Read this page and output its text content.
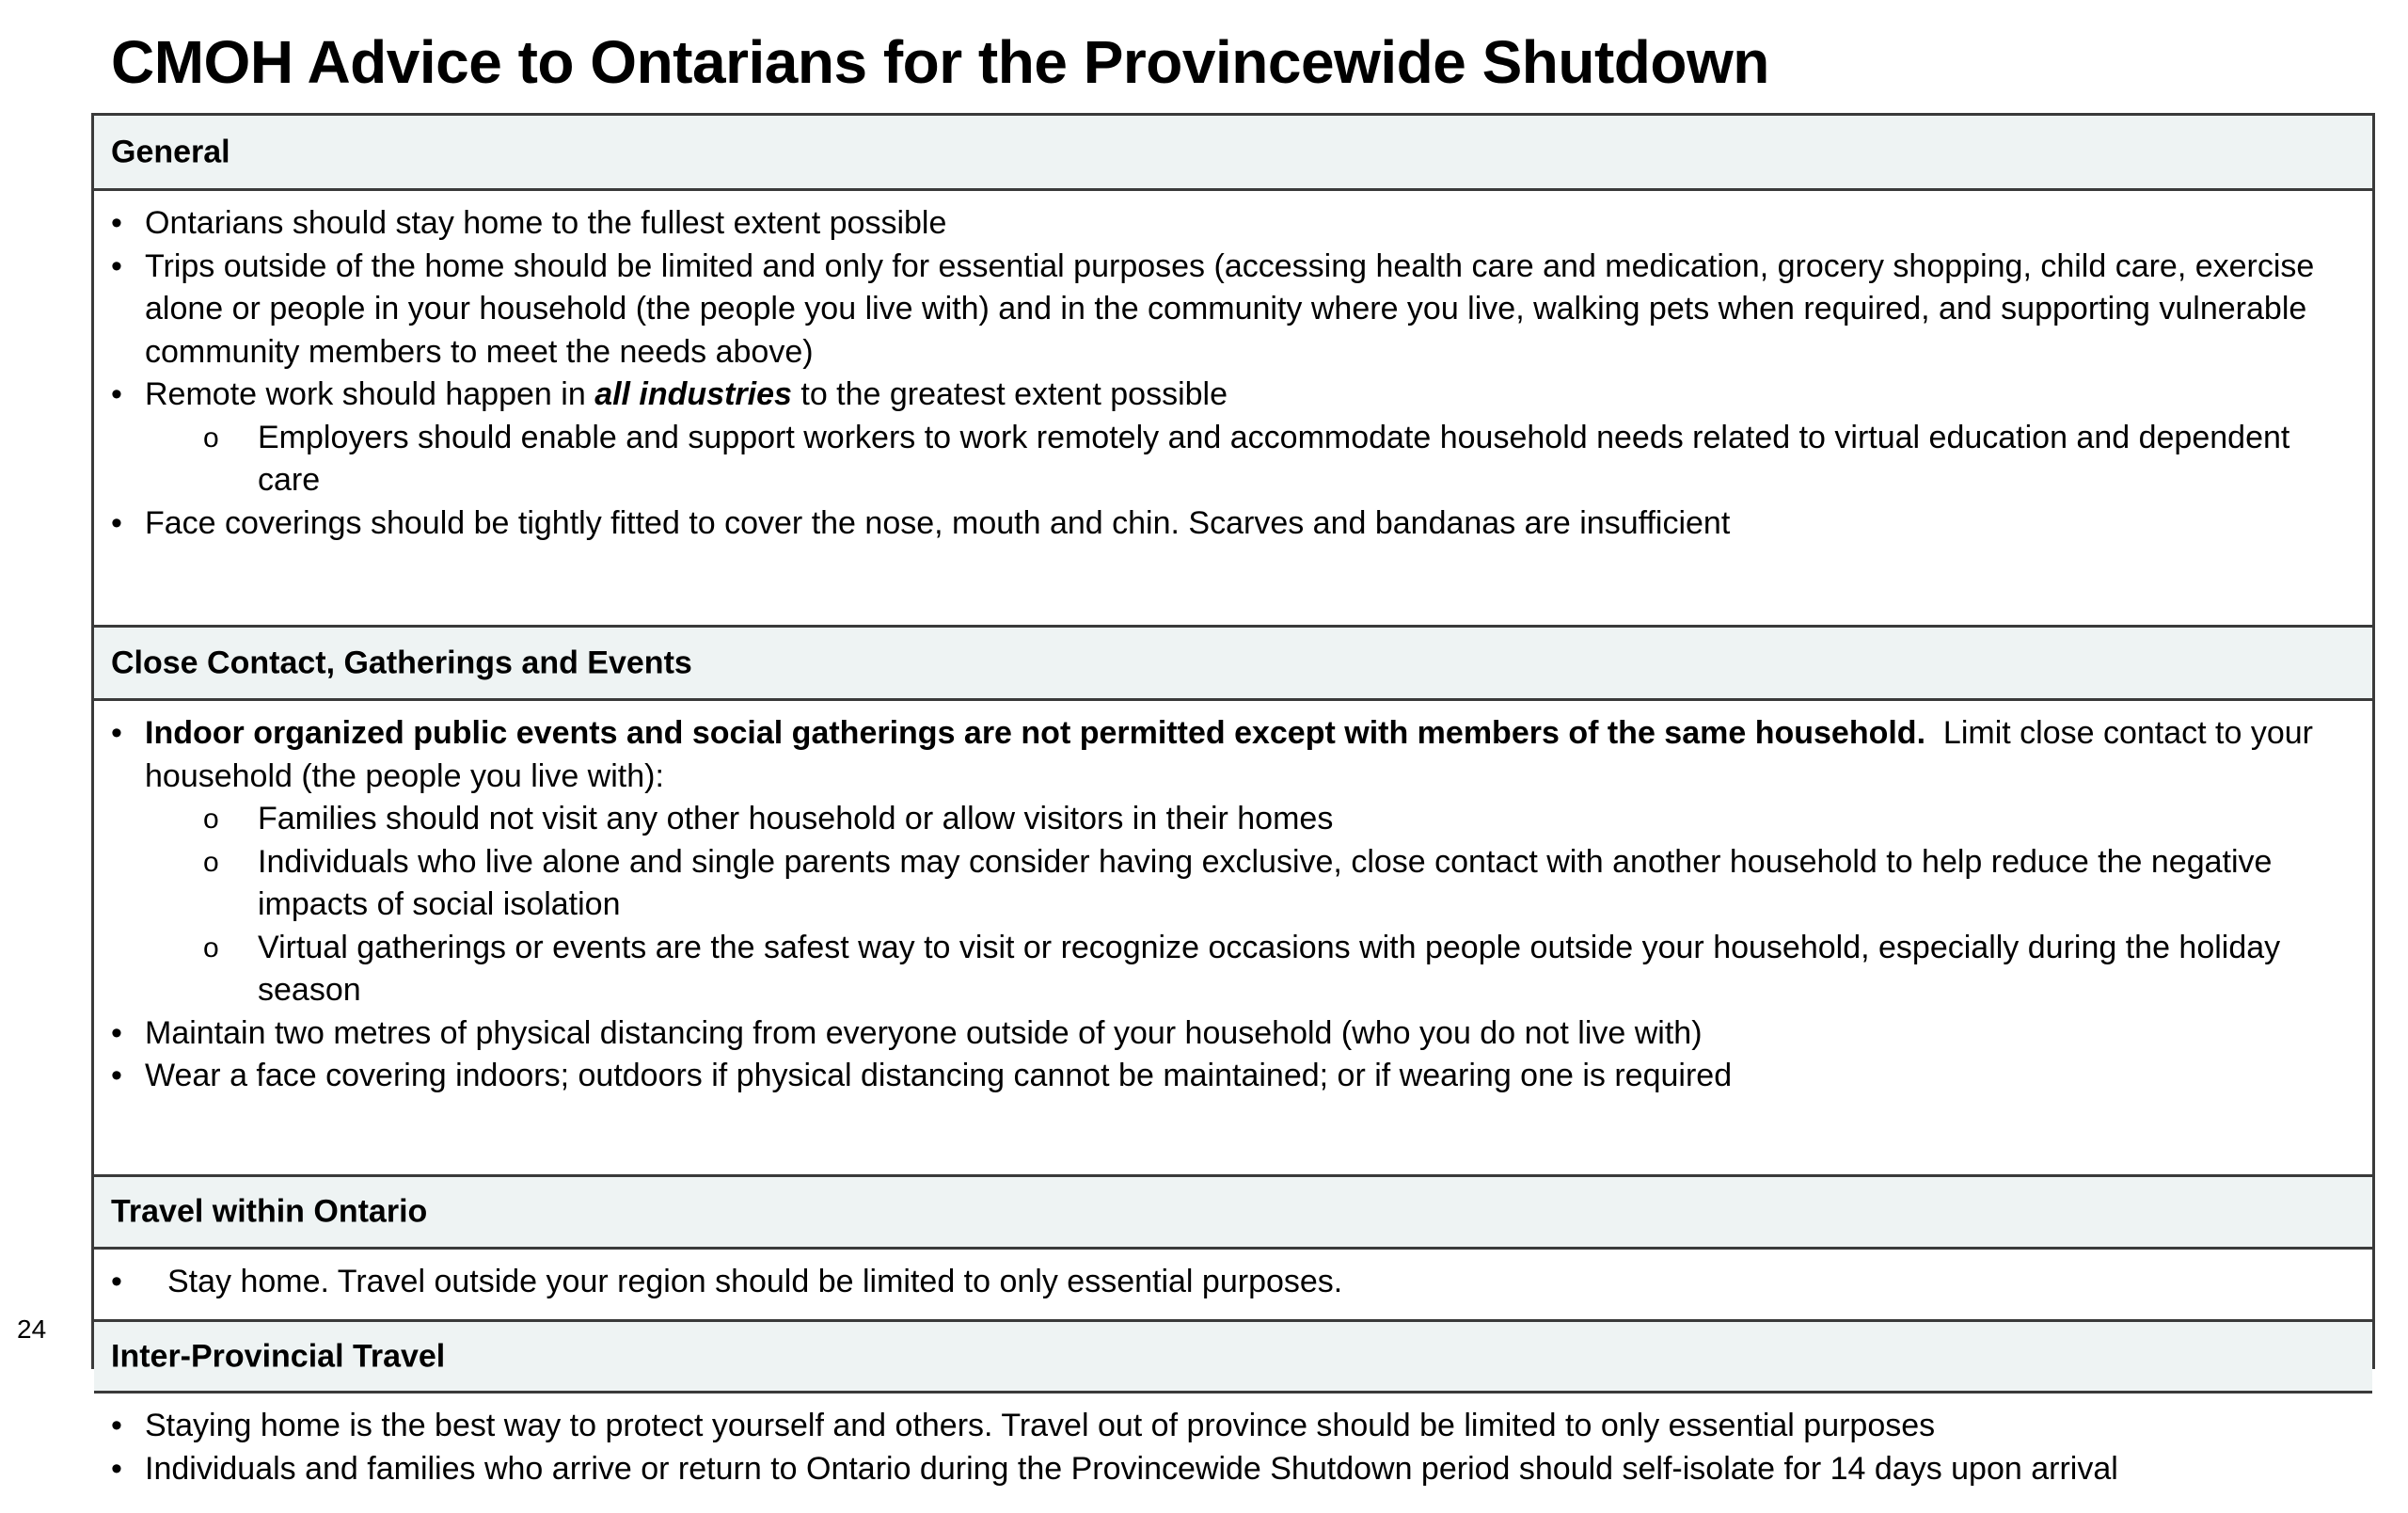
CMOH Advice to Ontarians for the Provincewide Shutdown
General
• Ontarians should stay home to the fullest extent possible
• Trips outside of the home should be limited and only for essential purposes (accessing health care and medication, grocery shopping, child care, exercise alone or people in your household (the people you live with) and in the community where you live, walking pets when required, and supporting vulnerable community members to meet the needs above)
• Remote work should happen in all industries to the greatest extent possible
o Employers should enable and support workers to work remotely and accommodate household needs related to virtual education and dependent care
• Face coverings should be tightly fitted to cover the nose, mouth and chin. Scarves and bandanas are insufficient
Close Contact, Gatherings and Events
• Indoor organized public events and social gatherings are not permitted except with members of the same household.  Limit close contact to your household (the people you live with):
o Families should not visit any other household or allow visitors in their homes
o Individuals who live alone and single parents may consider having exclusive, close contact with another household to help reduce the negative impacts of social isolation
o Virtual gatherings or events are the safest way to visit or recognize occasions with people outside your household, especially during the holiday season
• Maintain two metres of physical distancing from everyone outside of your household (who you do not live with)
• Wear a face covering indoors; outdoors if physical distancing cannot be maintained; or if wearing one is required
Travel within Ontario
• Stay home. Travel outside your region should be limited to only essential purposes.
Inter-Provincial Travel
• Staying home is the best way to protect yourself and others. Travel out of province should be limited to only essential purposes
• Individuals and families who arrive or return to Ontario during the Provincewide Shutdown period should self-isolate for 14 days upon arrival
24
